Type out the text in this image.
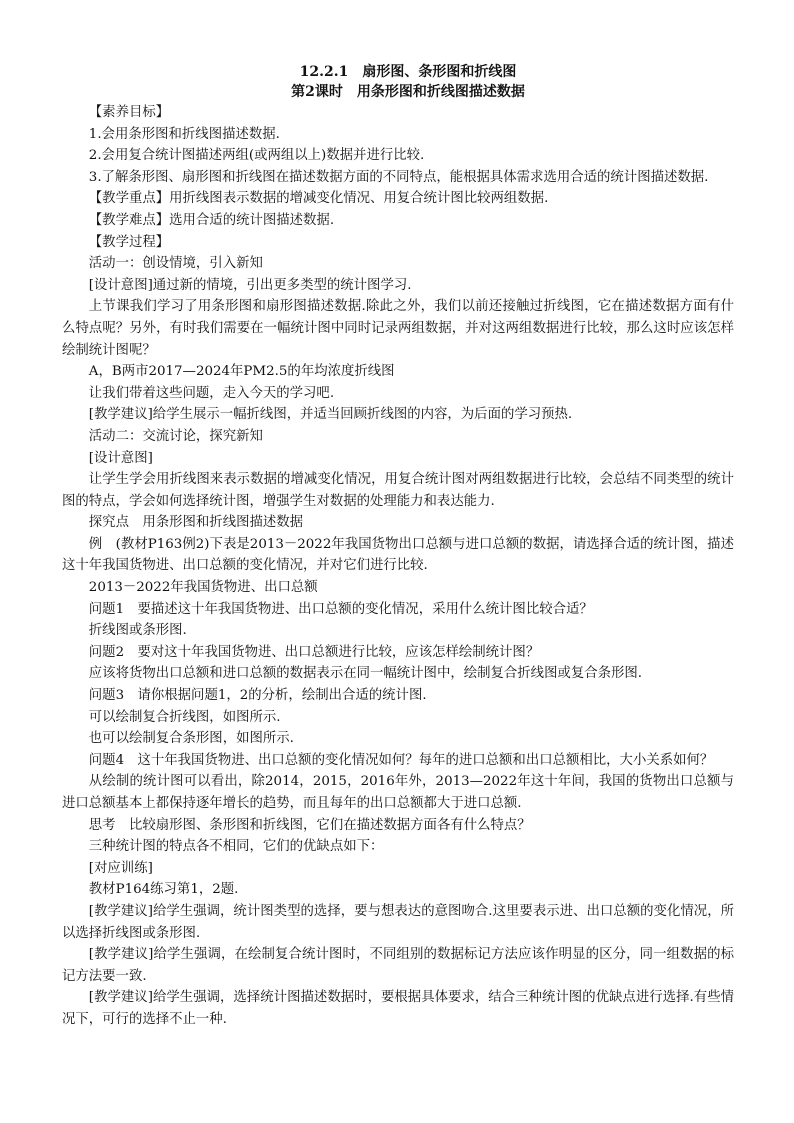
12.2.1　扇形图、条形图和折线图
第2课时　用条形图和折线图描述数据

【素养目标】

1.会用条形图和折线图描述数据.

2.会用复合统计图描述两组(或两组以上)数据并进行比较.

3.了解条形图、扇形图和折线图在描述数据方面的不同特点，能根据具体需求选用合适的统计图描述数据.

【教学重点】用折线图表示数据的增减变化情况、用复合统计图比较两组数据.

【教学难点】选用合适的统计图描述数据.

【教学过程】

活动一：创设情境，引入新知

[设计意图]通过新的情境，引出更多类型的统计图学习.

上节课我们学习了用条形图和扇形图描述数据.除此之外，我们以前还接触过折线图，它在描述数据方面有什么特点呢？另外，有时我们需要在一幅统计图中同时记录两组数据，并对这两组数据进行比较，那么这时应该怎样绘制统计图呢？

A，B两市2017—2024年PM2.5的年均浓度折线图

让我们带着这些问题，走入今天的学习吧.

[教学建议]给学生展示一幅折线图，并适当回顾折线图的内容，为后面的学习预热.

活动二：交流讨论，探究新知

[设计意图]

让学生学会用折线图来表示数据的增减变化情况，用复合统计图对两组数据进行比较，会总结不同类型的统计图的特点，学会如何选择统计图，增强学生对数据的处理能力和表达能力.

探究点　用条形图和折线图描述数据

例　(教材P163例2)下表是2013－2022年我国货物出口总额与进口总额的数据，请选择合适的统计图，描述这十年我国货物进、出口总额的变化情况，并对它们进行比较.

2013－2022年我国货物进、出口总额

问题1　要描述这十年我国货物进、出口总额的变化情况，采用什么统计图比较合适？

折线图或条形图.

问题2　要对这十年我国货物进、出口总额进行比较，应该怎样绘制统计图？

应该将货物出口总额和进口总额的数据表示在同一幅统计图中，绘制复合折线图或复合条形图.

问题3　请你根据问题1，2的分析，绘制出合适的统计图.

可以绘制复合折线图，如图所示.

也可以绘制复合条形图，如图所示.

问题4　这十年我国货物进、出口总额的变化情况如何？每年的进口总额和出口总额相比，大小关系如何？

从绘制的统计图可以看出，除2014，2015，2016年外，2013—2022年这十年间，我国的货物出口总额与进口总额基本上都保持逐年增长的趋势，而且每年的出口总额都大于进口总额.

思考　比较扇形图、条形图和折线图，它们在描述数据方面各有什么特点？

三种统计图的特点各不相同，它们的优缺点如下：

[对应训练]

教材P164练习第1，2题.

[教学建议]给学生强调，统计图类型的选择，要与想表达的意图吻合.这里要表示进、出口总额的变化情况，所以选择折线图或条形图.

[教学建议]给学生强调，在绘制复合统计图时，不同组别的数据标记方法应该作明显的区分，同一组数据的标记方法要一致.

[教学建议]给学生强调，选择统计图描述数据时，要根据具体要求，结合三种统计图的优缺点进行选择.有些情况下，可行的选择不止一种.
